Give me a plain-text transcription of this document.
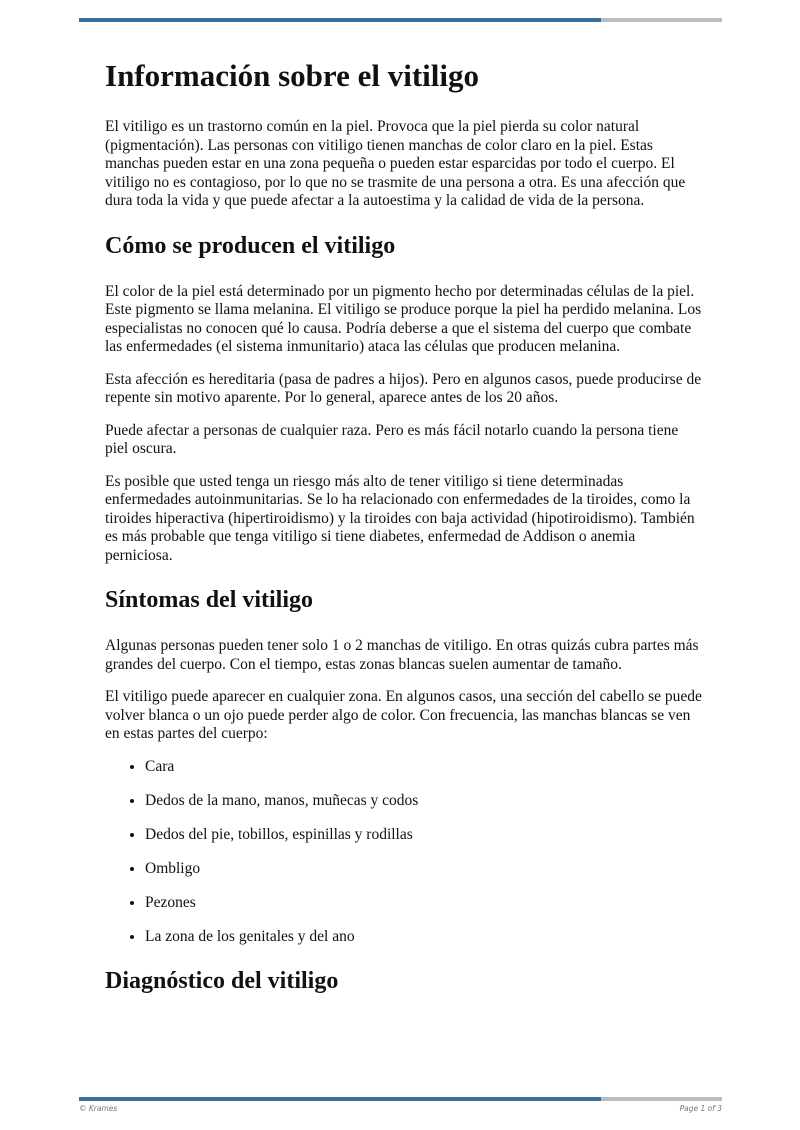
Información sobre el vitiligo

El vitiligo es un trastorno común en la piel. Provoca que la piel pierda su color natural (pigmentación). Las personas con vitiligo tienen manchas de color claro en la piel. Estas manchas pueden estar en una zona pequeña o pueden estar esparcidas por todo el cuerpo. El vitiligo no es contagioso, por lo que no se trasmite de una persona a otra. Es una afección que dura toda la vida y que puede afectar a la autoestima y la calidad de vida de la persona.

Cómo se producen el vitiligo

El color de la piel está determinado por un pigmento hecho por determinadas células de la piel. Este pigmento se llama melanina. El vitiligo se produce porque la piel ha perdido melanina. Los especialistas no conocen qué lo causa. Podría deberse a que el sistema del cuerpo que combate las enfermedades (el sistema inmunitario) ataca las células que producen melanina.

Esta afección es hereditaria (pasa de padres a hijos). Pero en algunos casos, puede producirse de repente sin motivo aparente. Por lo general, aparece antes de los 20 años.

Puede afectar a personas de cualquier raza. Pero es más fácil notarlo cuando la persona tiene piel oscura.

Es posible que usted tenga un riesgo más alto de tener vitiligo si tiene determinadas enfermedades autoinmunitarias. Se lo ha relacionado con enfermedades de la tiroides, como la tiroides hiperactiva (hipertiroidismo) y la tiroides con baja actividad (hipotiroidismo). También es más probable que tenga vitiligo si tiene diabetes, enfermedad de Addison o anemia perniciosa.

Síntomas del vitiligo

Algunas personas pueden tener solo 1 o 2 manchas de vitiligo. En otras quizás cubra partes más grandes del cuerpo. Con el tiempo, estas zonas blancas suelen aumentar de tamaño.

El vitiligo puede aparecer en cualquier zona. En algunos casos, una sección del cabello se puede volver blanca o un ojo puede perder algo de color. Con frecuencia, las manchas blancas se ven en estas partes del cuerpo:

• Cara
• Dedos de la mano, manos, muñecas y codos
• Dedos del pie, tobillos, espinillas y rodillas
• Ombligo
• Pezones
• La zona de los genitales y del ano
Diagnóstico del vitiligo
© Krames	Page 1 of 3
